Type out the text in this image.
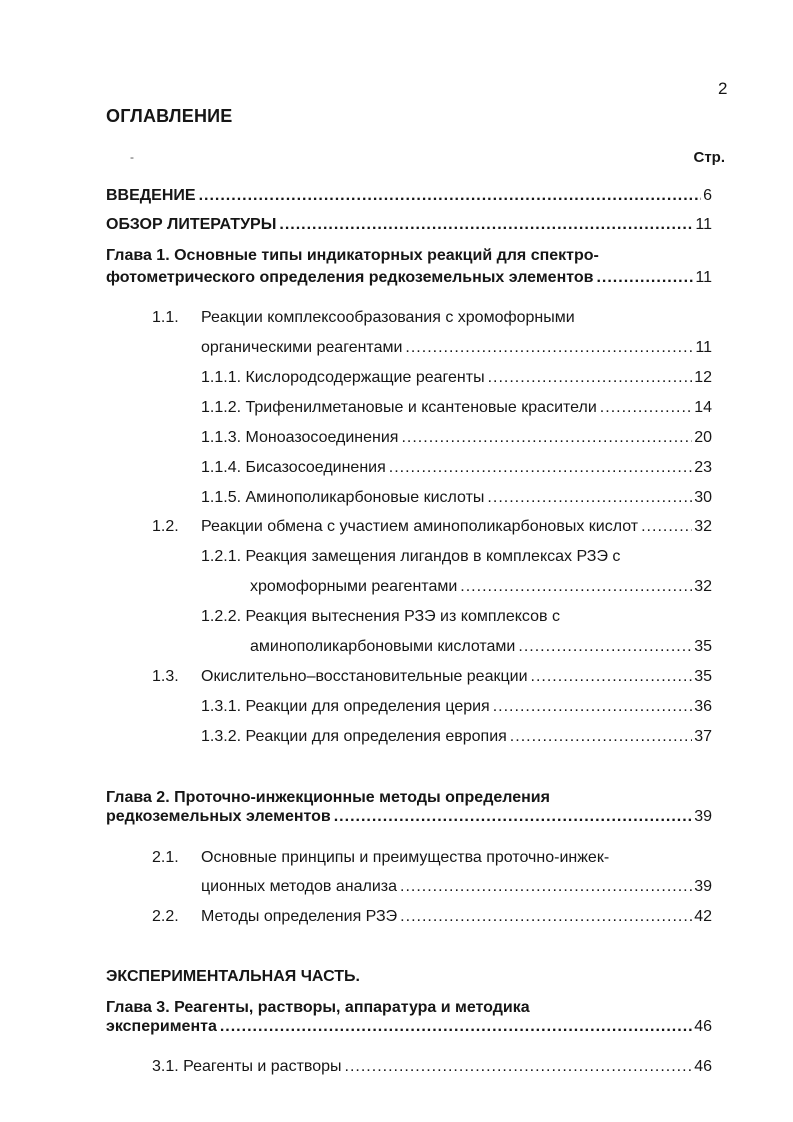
2
ОГЛАВЛЕНИЕ
-	Стр.
ВВЕДЕНИЕ .....	6
ОБЗОР ЛИТЕРАТУРЫ .....	11
Глава 1. Основные типы индикаторных реакций для спектро-
фотометрического определения редкоземельных элементов .....	11
1.1. Реакции комплексообразования с хромофорными
органическими реагентами .....	11
1.1.1. Кислородсодержащие реагенты .....	12
1.1.2. Трифенилметановые и ксантеновые красители .....	14
1.1.3. Моноазосоединения .....	20
1.1.4. Бисазосоединения .....	23
1.1.5. Аминополикарбоновые кислоты .....	30
1.2. Реакции обмена с участием аминополикарбоновых кислот .....	32
1.2.1. Реакция замещения лигандов в комплексах РЗЭ с
хромофорными реагентами .....	32
1.2.2. Реакция вытеснения РЗЭ из комплексов с
аминополикарбоновыми кислотами .....	35
1.3. Окислительно–восстановительные реакции .....	35
1.3.1. Реакции для определения церия .....	36
1.3.2. Реакции для определения европия .....	37
Глава 2. Проточно-инжекционные методы определения
редкоземельных элементов .....	39
2.1. Основные принципы и преимущества проточно-инжек-
ционных методов анализа .....	39
2.2. Методы определения РЗЭ .....	42
ЭКСПЕРИМЕНТАЛЬНАЯ ЧАСТЬ.
Глава 3. Реагенты, растворы, аппаратура и методика
эксперимента .....	46
3.1. Реагенты и растворы .....	46
